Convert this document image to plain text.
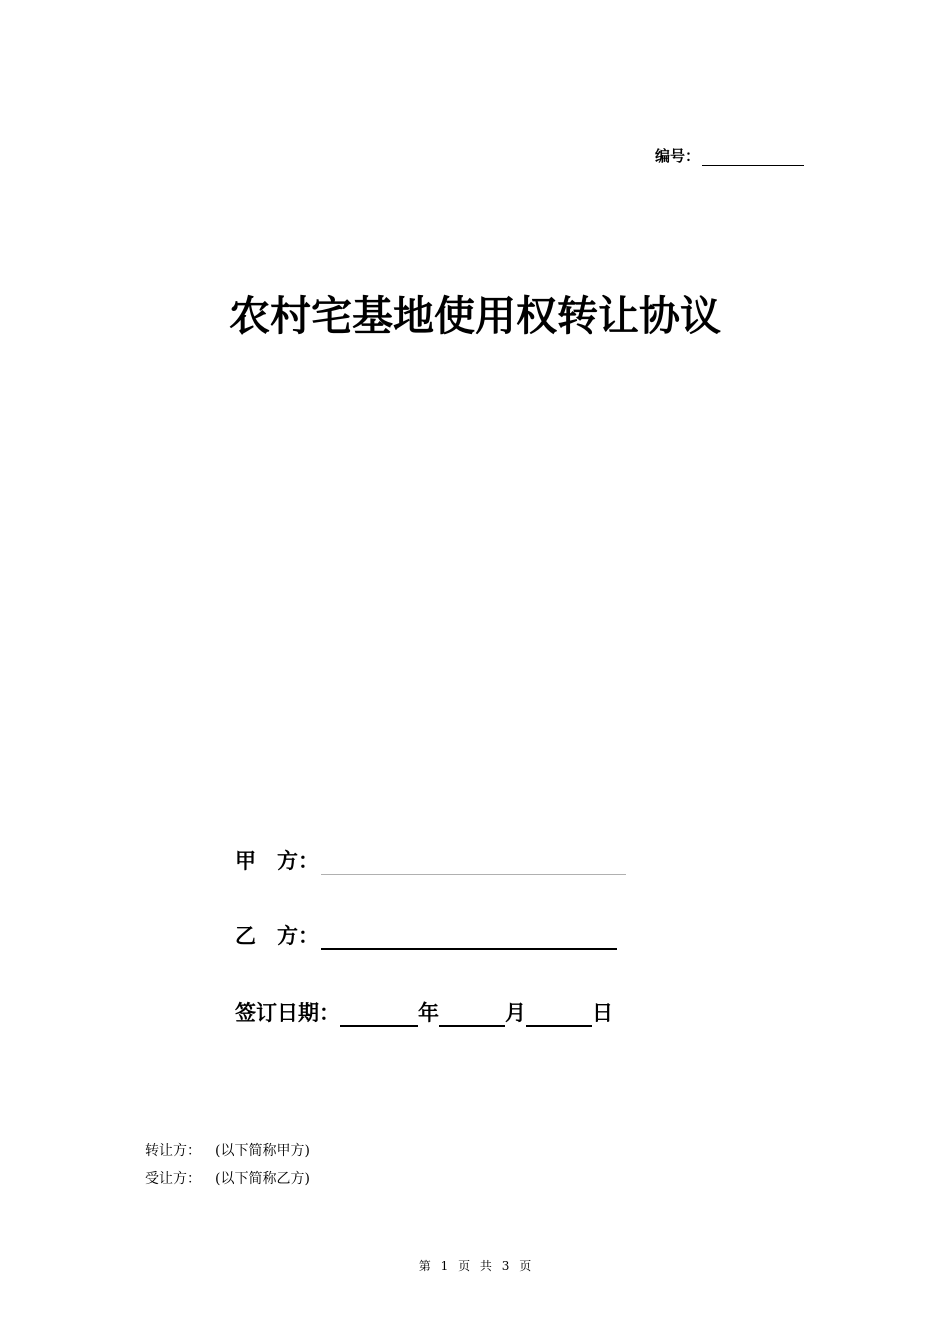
编号：
农村宅基地使用权转让协议
甲　方：
乙　方：
签订日期：	年	月	日
转让方： (以下简称甲方)
受让方： (以下简称乙方)
第 1 页 共 3 页
